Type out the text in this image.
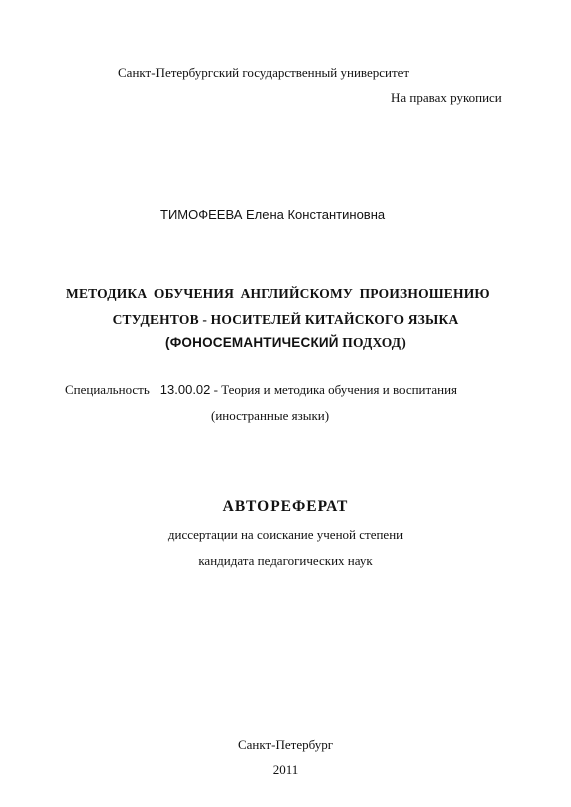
Санкт-Петербургский государственный университет
На правах рукописи
ТИМОФЕЕВА Елена Константиновна
МЕТОДИКА ОБУЧЕНИЯ АНГЛИЙСКОМУ ПРОИЗНОШЕНИЮ
СТУДЕНТОВ - НОСИТЕЛЕЙ КИТАЙСКОГО ЯЗЫКА
(ФОНОСЕМАНТИЧЕСКИЙ ПОДХОД)
Специальность 13.00.02 - Теория и методика обучения и воспитания
(иностранные языки)
АВТОРЕФЕРАТ
диссертации на соискание ученой степени
кандидата педагогических наук
Санкт-Петербург
2011
